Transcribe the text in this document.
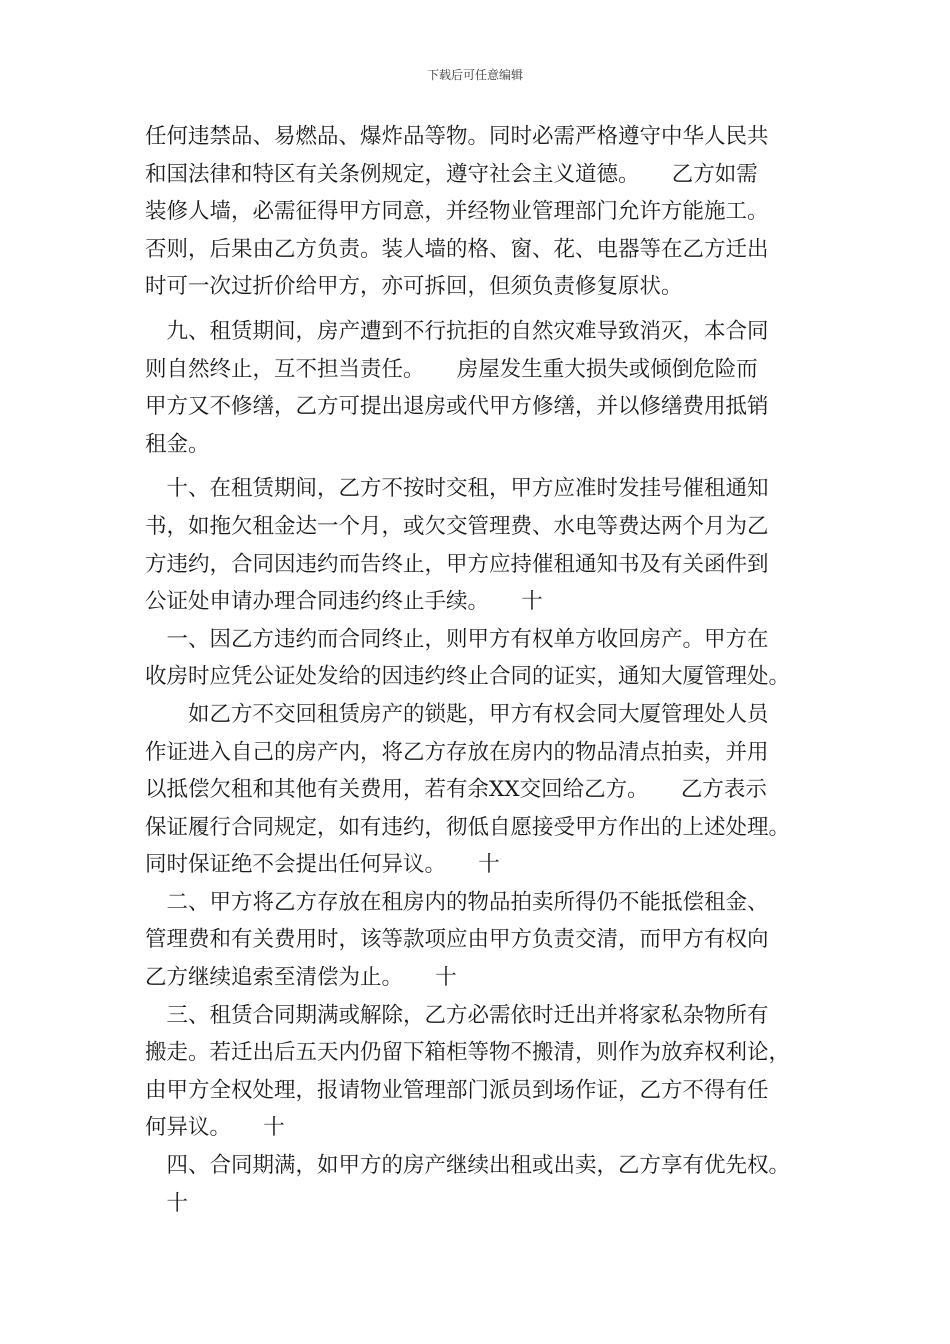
下载后可任意编辑
任何违禁品、易燃品、爆炸品等物。同时必需严格遵守中华人民共
和国法律和特区有关条例规定，遵守社会主义道德。　　乙方如需
装修人墙，必需征得甲方同意，并经物业管理部门允许方能施工。
否则，后果由乙方负责。装人墙的格、窗、花、电器等在乙方迁出
时可一次过折价给甲方，亦可拆回，但须负责修复原状。
　九、租赁期间，房产遭到不行抗拒的自然灾难导致消灭，本合同
则自然终止，互不担当责任。　　房屋发生重大损失或倾倒危险而
甲方又不修缮，乙方可提出退房或代甲方修缮，并以修缮费用抵销
租金。
　十、在租赁期间，乙方不按时交租，甲方应准时发挂号催租通知
书，如拖欠租金达一个月，或欠交管理费、水电等费达两个月为乙
方违约，合同因违约而告终止，甲方应持催租通知书及有关函件到
公证处申请办理合同违约终止手续。　　十
　一、因乙方违约而合同终止，则甲方有权单方收回房产。甲方在
收房时应凭公证处发给的因违约终止合同的证实，通知大厦管理处。
　　如乙方不交回租赁房产的锁匙，甲方有权会同大厦管理处人员
作证进入自己的房产内，将乙方存放在房内的物品清点拍卖，并用
以抵偿欠租和其他有关费用，若有余XX交回给乙方。　　乙方表示
保证履行合同规定，如有违约，彻低自愿接受甲方作出的上述处理。
同时保证绝不会提出任何异议。　　十
　二、甲方将乙方存放在租房内的物品拍卖所得仍不能抵偿租金、
管理费和有关费用时，该等款项应由甲方负责交清，而甲方有权向
乙方继续追索至清偿为止。　　十
　三、租赁合同期满或解除，乙方必需依时迁出并将家私杂物所有
搬走。若迁出后五天内仍留下箱柜等物不搬清，则作为放弃权利论，
由甲方全权处理，报请物业管理部门派员到场作证，乙方不得有任
何异议。　　十
　四、合同期满，如甲方的房产继续出租或出卖，乙方享有优先权。
　十
